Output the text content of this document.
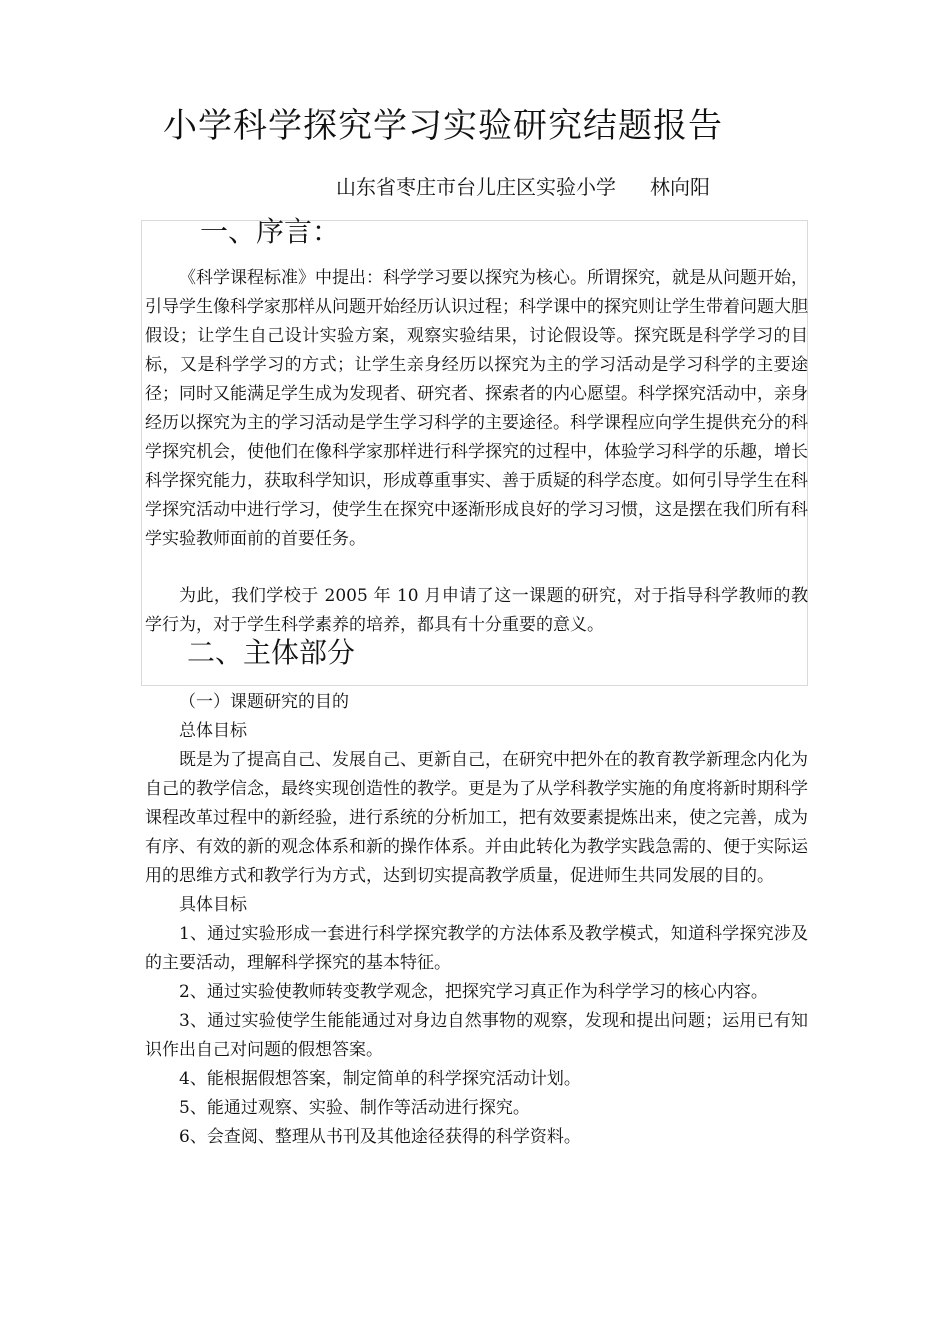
小学科学探究学习实验研究结题报告
山东省枣庄市台儿庄区实验小学 林向阳
一、序言：

《科学课程标准》中提出：科学学习要以探究为核心。所谓探究，就是从问题开始，引导学生像科学家那样从问题开始经历认识过程；科学课中的探究则让学生带着问题大胆假设；让学生自己设计实验方案，观察实验结果，讨论假设等。探究既是科学学习的目标，又是科学学习的方式；让学生亲身经历以探究为主的学习活动是学习科学的主要途径；同时又能满足学生成为发现者、研究者、探索者的内心愿望。科学探究活动中，亲身经历以探究为主的学习活动是学生学习科学的主要途径。科学课程应向学生提供充分的科学探究机会，使他们在像科学家那样进行科学探究的过程中，体验学习科学的乐趣，增长科学探究能力，获取科学知识，形成尊重事实、善于质疑的科学态度。如何引导学生在科学探究活动中进行学习，使学生在探究中逐渐形成良好的学习习惯，这是摆在我们所有科学实验教师面前的首要任务。

为此，我们学校于 2005 年 10 月申请了这一课题的研究，对于指导科学教师的教学行为，对于学生科学素养的培养，都具有十分重要的意义。

二、主体部分

（一）课题研究的目的

总体目标

既是为了提高自己、发展自己、更新自己，在研究中把外在的教育教学新理念内化为自己的教学信念，最终实现创造性的教学。更是为了从学科教学实施的角度将新时期科学课程改革过程中的新经验，进行系统的分析加工，把有效要素提炼出来，使之完善，成为有序、有效的新的观念体系和新的操作体系。并由此转化为教学实践急需的、便于实际运用的思维方式和教学行为方式，达到切实提高教学质量，促进师生共同发展的目的。

具体目标

1、通过实验形成一套进行科学探究教学的方法体系及教学模式，知道科学探究涉及的主要活动，理解科学探究的基本特征。

2、通过实验使教师转变教学观念，把探究学习真正作为科学学习的核心内容。

3、通过实验使学生能能通过对身边自然事物的观察，发现和提出问题；运用已有知识作出自己对问题的假想答案。

4、能根据假想答案，制定简单的科学探究活动计划。

5、能通过观察、实验、制作等活动进行探究。

6、会查阅、整理从书刊及其他途径获得的科学资料。
